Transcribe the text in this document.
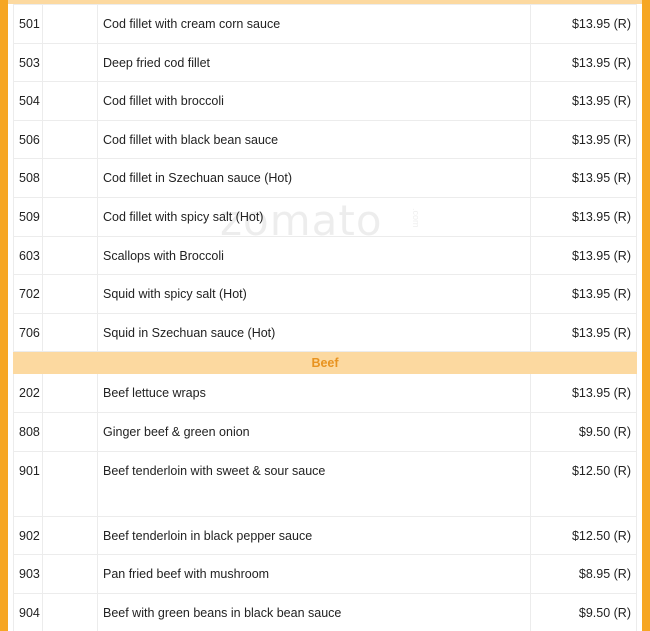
501		Cod fillet with cream corn sauce	$13.95 (R)
503		Deep fried cod fillet	$13.95 (R)
504		Cod fillet with broccoli	$13.95 (R)
506		Cod fillet with black bean sauce	$13.95 (R)
508		Cod fillet in Szechuan sauce (Hot)	$13.95 (R)
509		Cod fillet with spicy salt (Hot)	$13.95 (R)
603		Scallops with Broccoli	$13.95 (R)
702		Squid with spicy salt (Hot)	$13.95 (R)
706		Squid in Szechuan sauce (Hot)	$13.95 (R)
Beef			
202		Beef lettuce wraps	$13.95 (R)
808		Ginger beef & green onion	$9.50 (R)
901		Beef tenderloin with sweet & sour sauce	$12.50 (R)
902		Beef tenderloin in black pepper sauce	$12.50 (R)
903		Pan fried beef with mushroom	$8.95 (R)
904		Beef with green beans in black bean sauce	$9.50 (R)
zomato	.com
